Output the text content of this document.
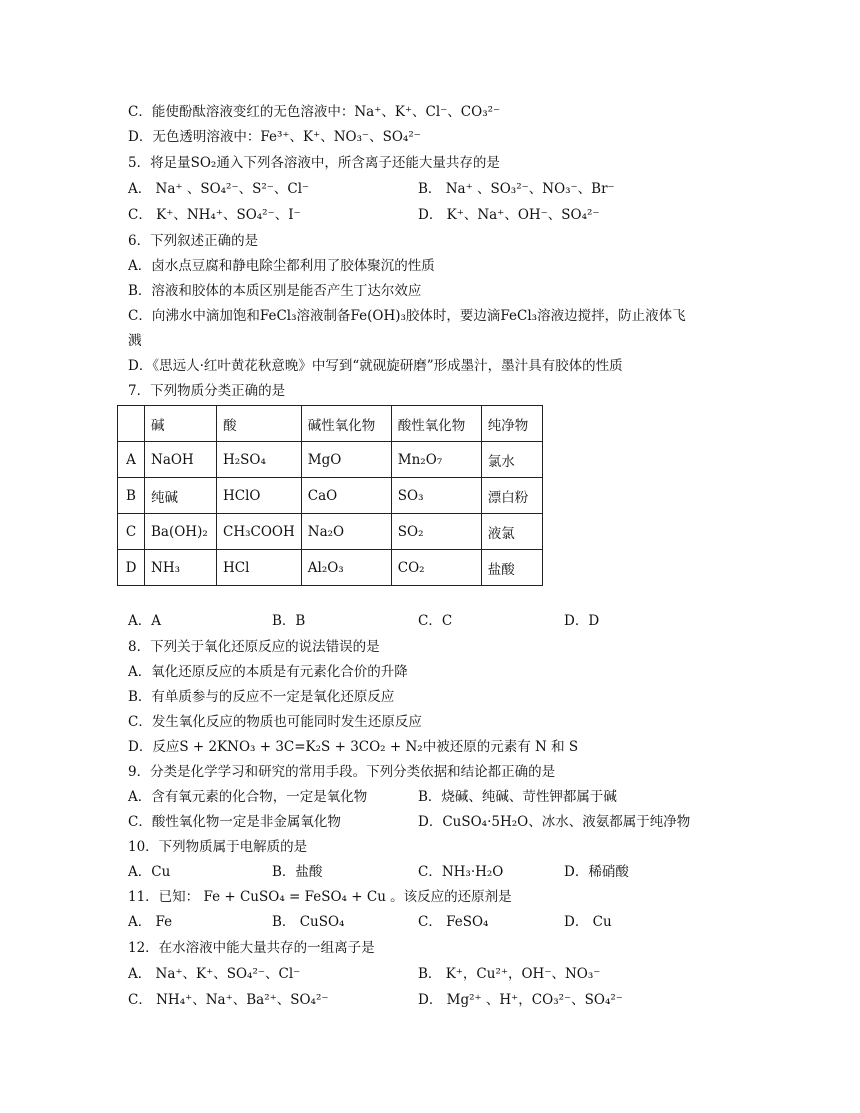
C．能使酚酞溶液变红的无色溶液中：Na⁺、K⁺、Cl⁻、CO₃²⁻
D．无色透明溶液中：Fe³⁺、K⁺、NO₃⁻、SO₄²⁻
5．将足量SO₂通入下列各溶液中，所含离子还能大量共存的是
A． Na⁺ 、SO₄²⁻、S²⁻、Cl⁻	B． Na⁺ 、SO₃²⁻、NO₃⁻、Br⁻
C． K⁺、NH₄⁺、SO₄²⁻、I⁻	D． K⁺、Na⁺、OH⁻、SO₄²⁻
6．下列叙述正确的是
A．卤水点豆腐和静电除尘都利用了胶体聚沉的性质
B．溶液和胶体的本质区别是能否产生丁达尔效应
C．向沸水中滴加饱和FeCl₃溶液制备Fe(OH)₃胶体时，要边滴FeCl₃溶液边搅拌，防止液体飞
溅
D．《思远人·红叶黄花秋意晚》中写到“就砚旋研磨”形成墨汁，墨汁具有胶体的性质
7．下列物质分类正确的是
	碱	酸	碱性氧化物	酸性氧化物	纯净物
A	NaOH	H₂SO₄	MgO	Mn₂O₇	氯水
B	纯碱	HClO	CaO	SO₃	漂白粉
C	Ba(OH)₂	CH₃COOH	Na₂O	SO₂	液氯
D	NH₃	HCl	Al₂O₃	CO₂	盐酸
A．A	B．B	C．C	D．D
8．下列关于氧化还原反应的说法错误的是
A．氧化还原反应的本质是有元素化合价的升降
B．有单质参与的反应不一定是氧化还原反应
C．发生氧化反应的物质也可能同时发生还原反应
D．反应S + 2KNO₃ + 3C=K₂S + 3CO₂ + N₂中被还原的元素有 N 和 S
9．分类是化学学习和研究的常用手段。下列分类依据和结论都正确的是
A．含有氧元素的化合物，一定是氧化物	B．烧碱、纯碱、苛性钾都属于碱
C．酸性氧化物一定是非金属氧化物	D．CuSO₄·5H₂O、冰水、液氨都属于纯净物
10．下列物质属于电解质的是
A．Cu	B．盐酸	C．NH₃·H₂O	D．稀硝酸
11．已知： Fe + CuSO₄ = FeSO₄ + Cu 。该反应的还原剂是
A． Fe	B． CuSO₄	C． FeSO₄	D． Cu
12．在水溶液中能大量共存的一组离子是
A． Na⁺、K⁺、SO₄²⁻、Cl⁻	B． K⁺，Cu²⁺，OH⁻、NO₃⁻
C． NH₄⁺、Na⁺、Ba²⁺、SO₄²⁻	D． Mg²⁺ 、H⁺，CO₃²⁻、SO₄²⁻
